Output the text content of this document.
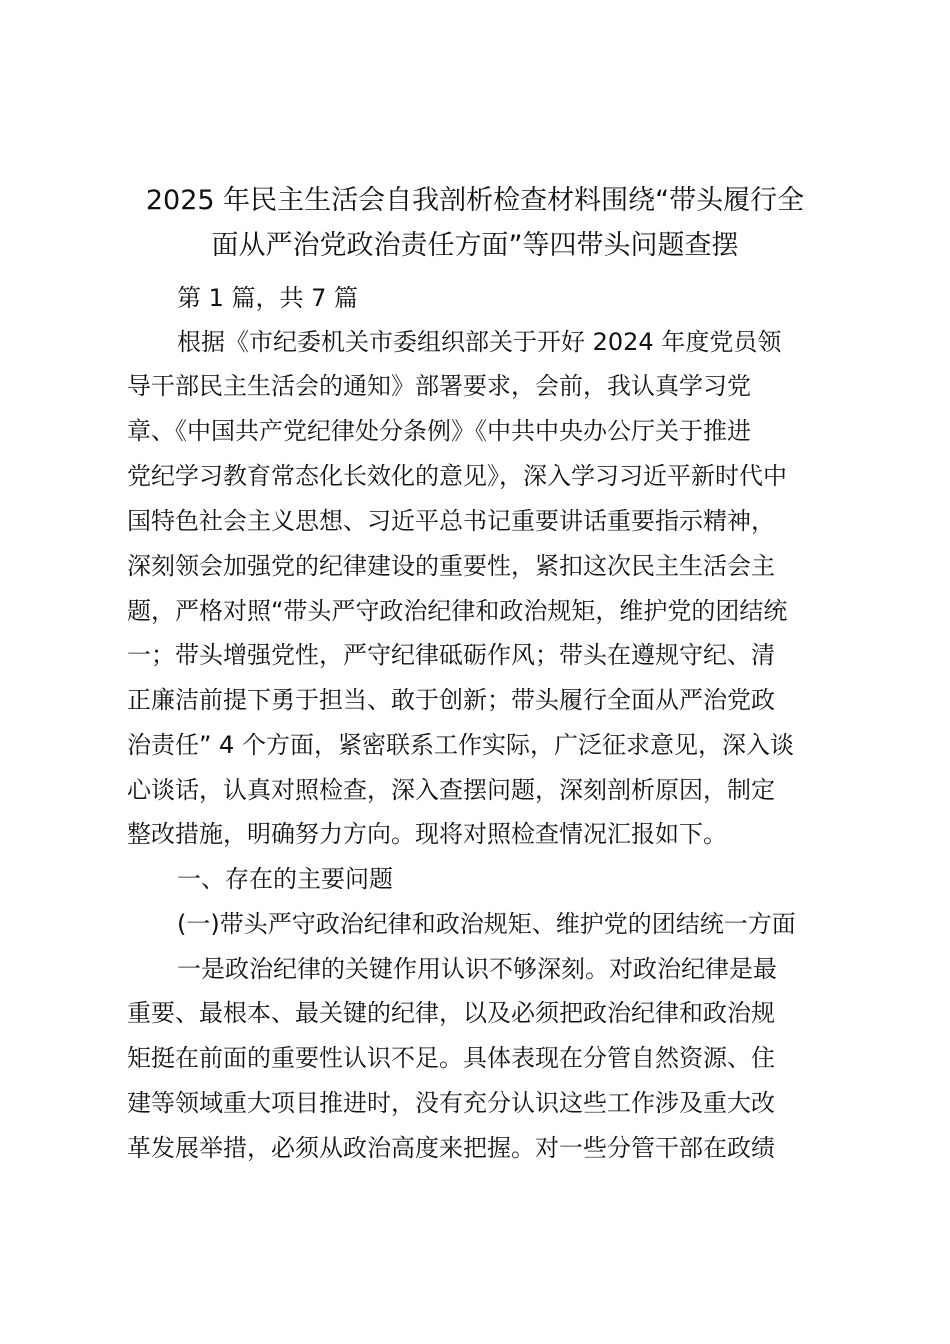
2025 年民主生活会自我剖析检查材料围绕“带头履行全
面从严治党政治责任方面”等四带头问题查摆
第 1 篇，共 7 篇
根据《市纪委机关市委组织部关于开好 2024 年度党员领
导干部民主生活会的通知》部署要求，会前，我认真学习党
章、《中国共产党纪律处分条例》《中共中央办公厅关于推进
党纪学习教育常态化长效化的意见》，深入学习习近平新时代中
国特色社会主义思想、习近平总书记重要讲话重要指示精神，
深刻领会加强党的纪律建设的重要性，紧扣这次民主生活会主
题，严格对照“带头严守政治纪律和政治规矩，维护党的团结统
一；带头增强党性，严守纪律砥砺作风；带头在遵规守纪、清
正廉洁前提下勇于担当、敢于创新；带头履行全面从严治党政
治责任” 4 个方面，紧密联系工作实际，广泛征求意见，深入谈
心谈话，认真对照检查，深入查摆问题，深刻剖析原因，制定
整改措施，明确努力方向。现将对照检查情况汇报如下。
一、存在的主要问题
(一)带头严守政治纪律和政治规矩、维护党的团结统一方面
一是政治纪律的关键作用认识不够深刻。对政治纪律是最
重要、最根本、最关键的纪律，以及必须把政治纪律和政治规
矩挺在前面的重要性认识不足。具体表现在分管自然资源、住
建等领域重大项目推进时，没有充分认识这些工作涉及重大改
革发展举措，必须从政治高度来把握。对一些分管干部在政绩
